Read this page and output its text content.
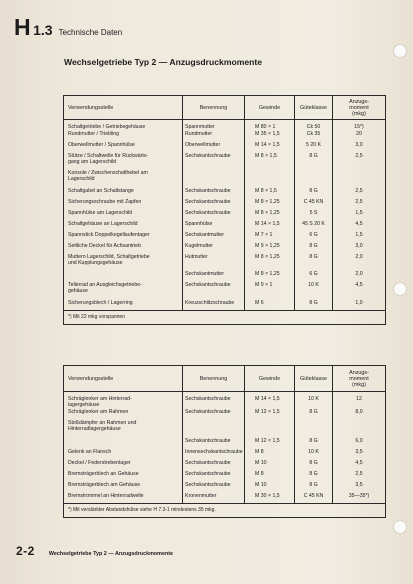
H 1.3 Technische Daten
Wechselgetriebe Typ 2 — Anzugsdruckmomente
Verwendungsstelle	Benennung	Gewinde	Güteklasse	Anzugs-
moment
(mkg)
Schaltgetriebe / Getriebegehäuse	Spannmutter	M 80 × 1	Ck 50	15*)
Rundmutter / Triebling	Rundmutter	M 35 × 1,5	Ck 35	20
Oberwellmutter / Spannhülse	Oberwellmutter	M 14 × 1,5	5 20 K	3,0
Stütze / Schaltwelle für Rückwärts-
gang am Lagerschild	Sechskantschraube	M 8 × 1,5	8 G	2,5
Konsole / Zwischenschalthebel am
Lagerschild				
Schaltgabel an Schaltstange	Sechskantschraube	M 8 × 1,5	8 G	2,5
Sicherungsschraube mit Zapfen	Sechskantschraube	M 8 × 1,25	C 45 KN	2,5
Spannhülse am Lagerschild	Sechskantschraube	M 8 × 1,25	5 S	1,5
Schaltgehäuse an Lagerschild	Spannhülse	M 14 × 1,5	45 S 20 K	4,5
Spannstick Doppelkegellaufentager	Sechskantmutter	M 7 × 1	6 G	1,5
Seitliche Deckel für Achsantrieb	Kugelmutter	M 9 × 1,25	8 G	3,0
Muttern Lagerschild, Schaltgetriebe
und Kupplungsgehäuse	Hutmutter	M 8 × 1,25	8 G	2,0
	Sechskantmutter	M 8 × 1,25	6 G	2,0
Tellerrad an Ausgleichsgetriebe-
gehäuse	Sechskantschraube	M 9 × 1	10 K	4,5
Sicherungsblech / Lagerring	Kreuzschlitzschraube	M 6	8 G	1,0
*) Mit 22 mkg vorspannen
Verwendungsstelle	Benennung	Gewinde	Güteklasse	Anzugs-
moment
(mkg)
Schräglenker am Hinterrad-
lagergehäuse	Sechskantschraube	M 14 × 1,5	10 K	12
Schräglenker am Rahmen	Sechskantschraube	M 12 × 1,5	8 G	8,0
Stoßdämpfer an Rahmen und
Hinterradlagergehäuse				
	Sechskantschraube	M 12 × 1,5	8 G	6,0
Gelenk an Flansch	Innensechskantschraube	M 8	10 K	3,5
Deckel / Federstrebenlager	Sechskantschraube	M 10	8 G	4,5
Bremsträgerblech an Gehäuse	Sechskantschraube	M 8	8 G	2,5
Bremsträgerblech am Gehäuse	Sechskantschraube	M 10	8 G	3,5
Bremstrommel an Hinterradwelle	Kronenmutter	M 30 × 1,5	C 45 KN	35—35*)
*) Mit verstärkter Abstandshülse siehe H 7.3-1 mindestens 35 mkg.
2-2	Wechselgetriebe Typ 2 — Anzugsdruckmomente
